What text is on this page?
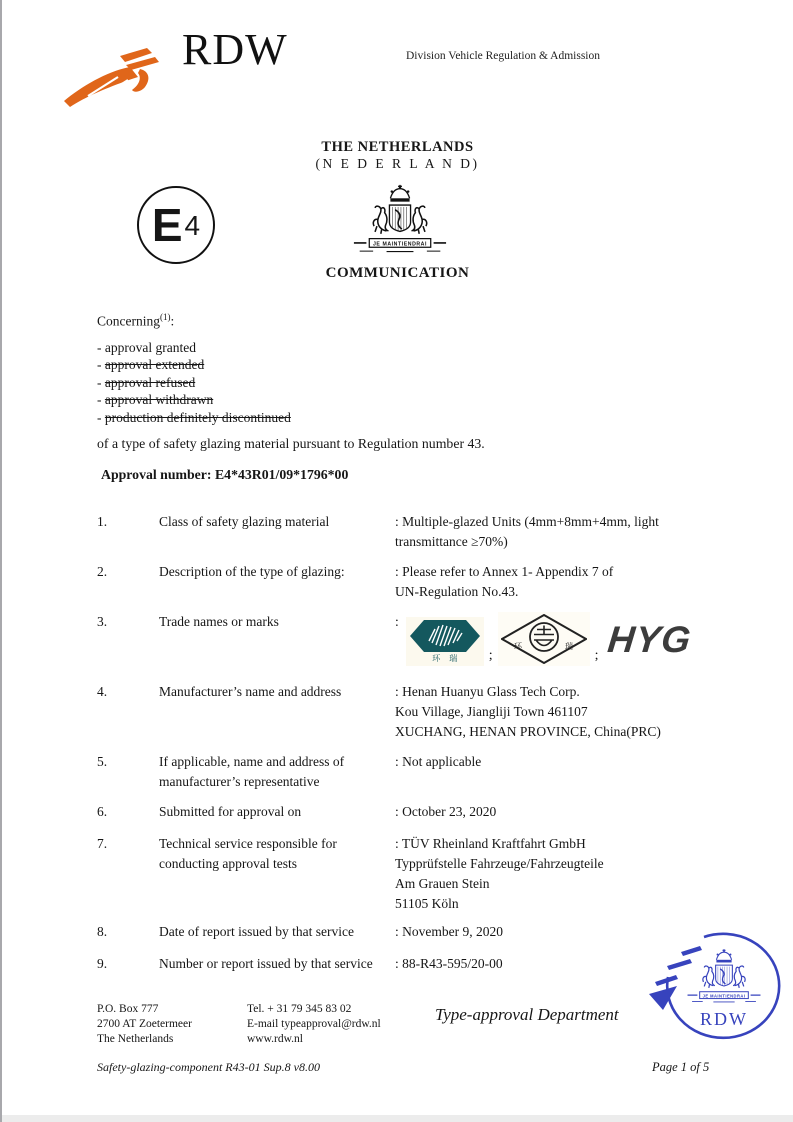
RDW	Division Vehicle Regulation & Admission
THE NETHERLANDS
(N E D E R L A N D)
E 4
COMMUNICATION
Concerning$^{(1)}$:
- approval granted
- approval extended
- approval refused
- approval withdrawn
- production definitely discontinued
of a type of safety glazing material pursuant to Regulation number 43.
Approval number: E4*43R01/09*1796*00
1.	Class of safety glazing material	: Multiple-glazed Units (4mm+8mm+4mm, light
transmittance ≥70%)
2.	Description of the type of glazing:	: Please refer to Annex 1- Appendix 7 of
UN-Regulation No.43.
3.	Trade names or marks	:
环瑞 ;
环	瑞
; HYG
4.	Manufacturer’s name and address	: Henan Huanyu Glass Tech Corp.
Kou Village, Jiangliji Town 461107
XUCHANG, HENAN PROVINCE, China(PRC)
5.	If applicable, name and address of
manufacturer’s representative
: Not applicable
6.	Submitted for approval on	: October 23, 2020
7.	Technical service responsible for
conducting approval tests
: TÜV Rheinland Kraftfahrt GmbH
Typprüfstelle Fahrzeuge/Fahrzeugteile
Am Grauen Stein
51105 Köln
8.	Date of report issued by that service	: November 9, 2020
9.	Number or report issued by that service	: 88-R43-595/20-00
RDW
P.O. Box 777
2700 AT Zoetermeer
The Netherlands
Tel. + 31 79 345 83 02
E-mail typeapproval@rdw.nl
www.rdw.nl
Type-approval Department
Safety-glazing-component R43-01 Sup.8 v8.00	Page 1 of 5
